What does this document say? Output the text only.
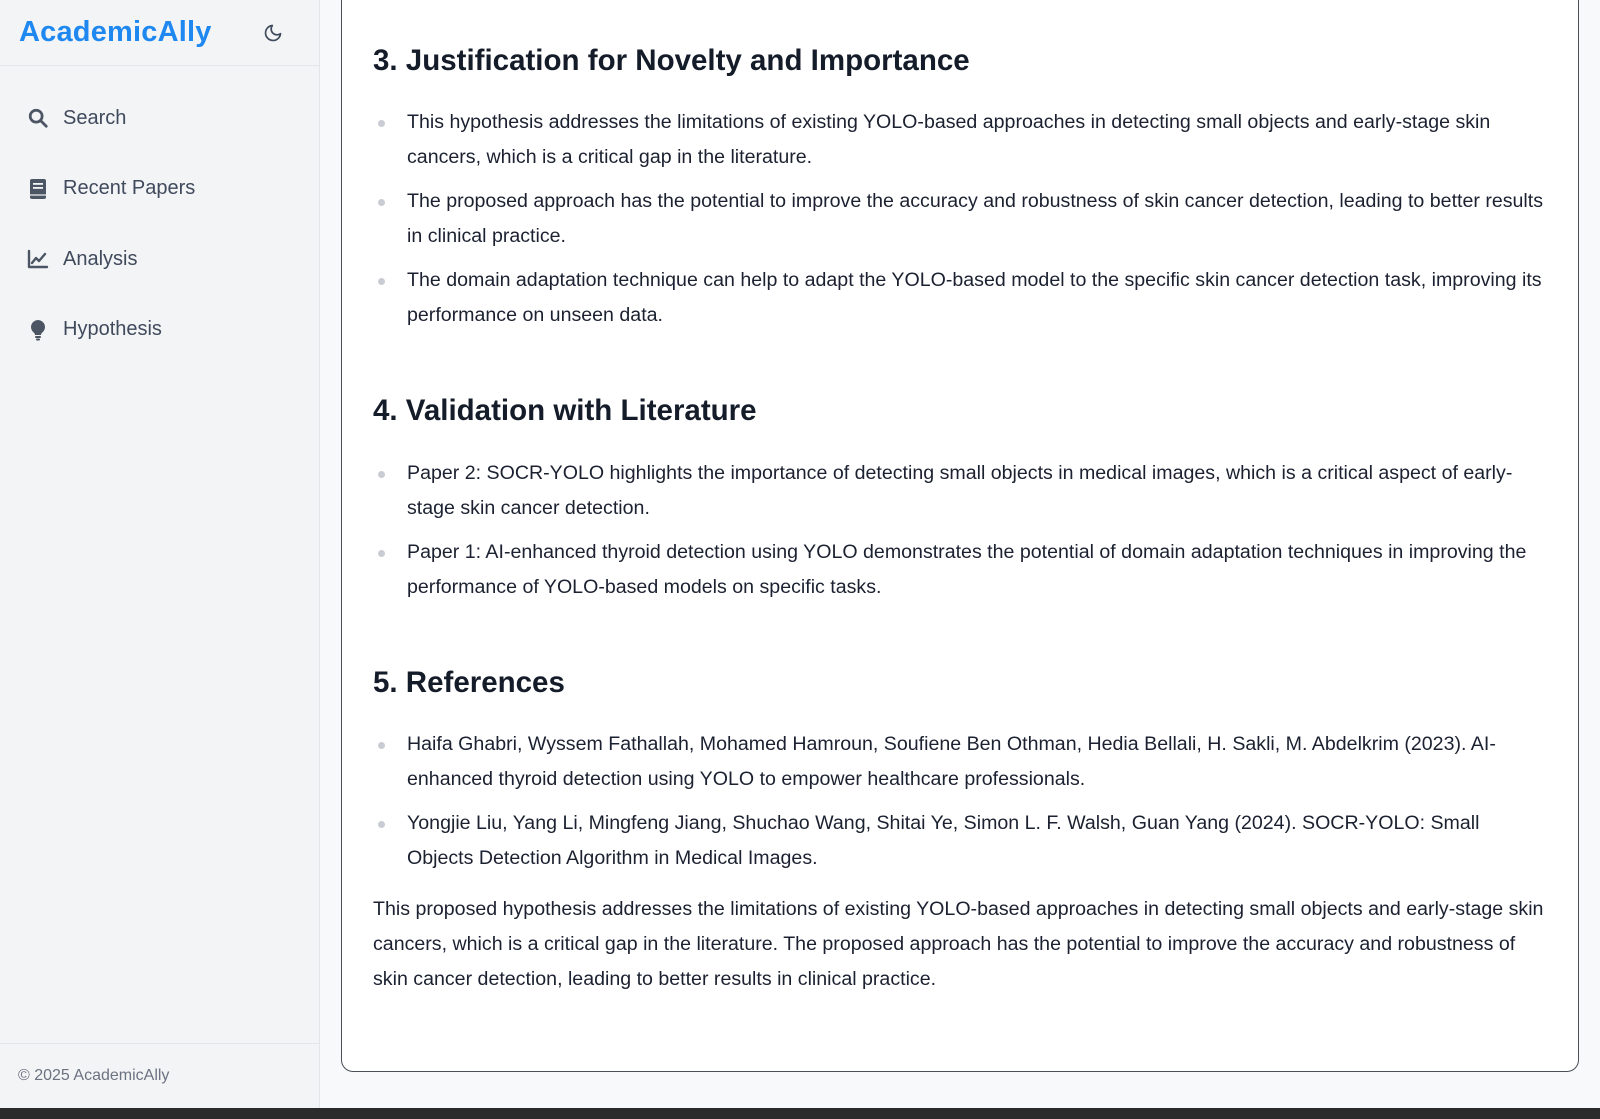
AcademicAlly
Search
Recent Papers
Analysis
Hypothesis
© 2025 AcademicAlly
3. Justification for Novelty and Importance
This hypothesis addresses the limitations of existing YOLO-based approaches in detecting small objects and early-stage skin cancers, which is a critical gap in the literature.
The proposed approach has the potential to improve the accuracy and robustness of skin cancer detection, leading to better results in clinical practice.
The domain adaptation technique can help to adapt the YOLO-based model to the specific skin cancer detection task, improving its performance on unseen data.
4. Validation with Literature
Paper 2: SOCR-YOLO highlights the importance of detecting small objects in medical images, which is a critical aspect of early-stage skin cancer detection.
Paper 1: AI-enhanced thyroid detection using YOLO demonstrates the potential of domain adaptation techniques in improving the performance of YOLO-based models on specific tasks.
5. References
Haifa Ghabri, Wyssem Fathallah, Mohamed Hamroun, Soufiene Ben Othman, Hedia Bellali, H. Sakli, M. Abdelkrim (2023). AI-enhanced thyroid detection using YOLO to empower healthcare professionals.
Yongjie Liu, Yang Li, Mingfeng Jiang, Shuchao Wang, Shitai Ye, Simon L. F. Walsh, Guan Yang (2024). SOCR-YOLO: Small Objects Detection Algorithm in Medical Images.

This proposed hypothesis addresses the limitations of existing YOLO-based approaches in detecting small objects and early-stage skin cancers, which is a critical gap in the literature. The proposed approach has the potential to improve the accuracy and robustness of skin cancer detection, leading to better results in clinical practice.
